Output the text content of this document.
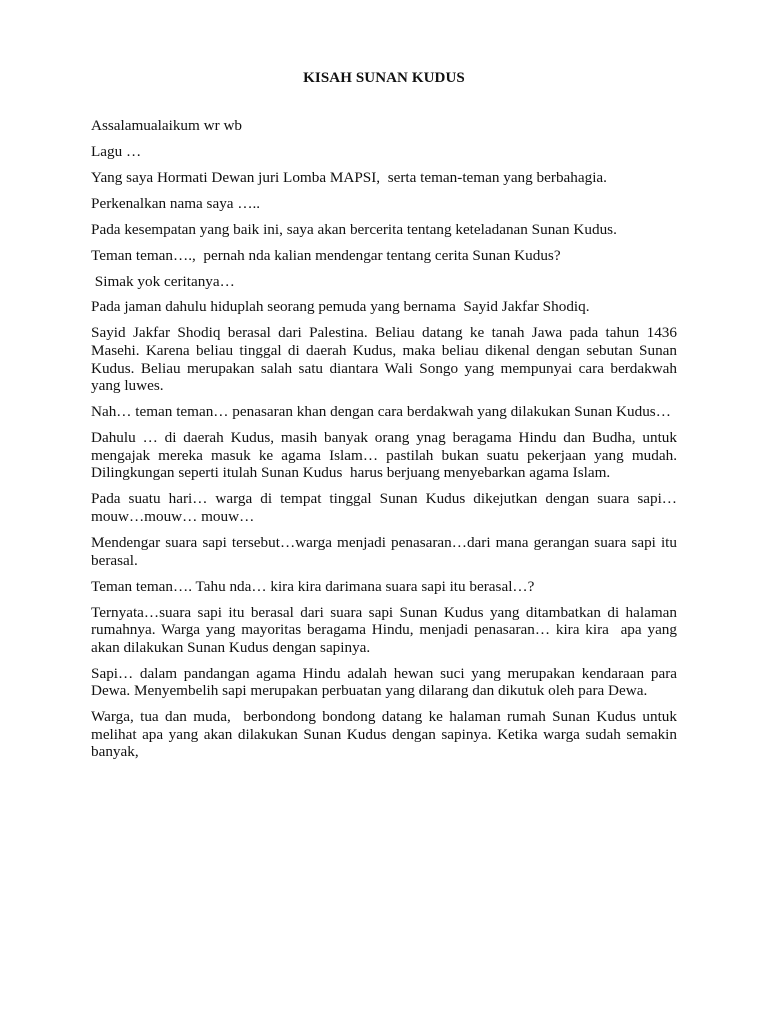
KISAH SUNAN KUDUS
Assalamualaikum wr wb
Lagu …
Yang saya Hormati Dewan juri Lomba MAPSI,  serta teman-teman yang berbahagia.
Perkenalkan nama saya …..
Pada kesempatan yang baik ini, saya akan bercerita tentang keteladanan Sunan Kudus.
Teman teman….,  pernah nda kalian mendengar tentang cerita Sunan Kudus?
Simak yok ceritanya…
Pada jaman dahulu hiduplah seorang pemuda yang bernama  Sayid Jakfar Shodiq.
Sayid Jakfar Shodiq berasal dari Palestina. Beliau datang ke tanah Jawa pada tahun 1436 Masehi. Karena beliau tinggal di daerah Kudus, maka beliau dikenal dengan sebutan Sunan Kudus. Beliau merupakan salah satu diantara Wali Songo yang mempunyai cara berdakwah yang luwes.
Nah… teman teman… penasaran khan dengan cara berdakwah yang dilakukan Sunan Kudus…
Dahulu … di daerah Kudus, masih banyak orang ynag beragama Hindu dan Budha, untuk mengajak mereka masuk ke agama Islam… pastilah bukan suatu pekerjaan yang mudah. Dilingkungan seperti itulah Sunan Kudus  harus berjuang menyebarkan agama Islam.
Pada suatu hari… warga di tempat tinggal Sunan Kudus dikejutkan dengan suara sapi… mouw…mouw… mouw…
Mendengar suara sapi tersebut…warga menjadi penasaran…dari mana gerangan suara sapi itu berasal.
Teman teman…. Tahu nda… kira kira darimana suara sapi itu berasal…?
Ternyata…suara sapi itu berasal dari suara sapi Sunan Kudus yang ditambatkan di halaman rumahnya. Warga yang mayoritas beragama Hindu, menjadi penasaran… kira kira  apa yang akan dilakukan Sunan Kudus dengan sapinya.
Sapi… dalam pandangan agama Hindu adalah hewan suci yang merupakan kendaraan para Dewa. Menyembelih sapi merupakan perbuatan yang dilarang dan dikutuk oleh para Dewa.
Warga, tua dan muda,  berbondong bondong datang ke halaman rumah Sunan Kudus untuk melihat apa yang akan dilakukan Sunan Kudus dengan sapinya. Ketika warga sudah semakin banyak,
